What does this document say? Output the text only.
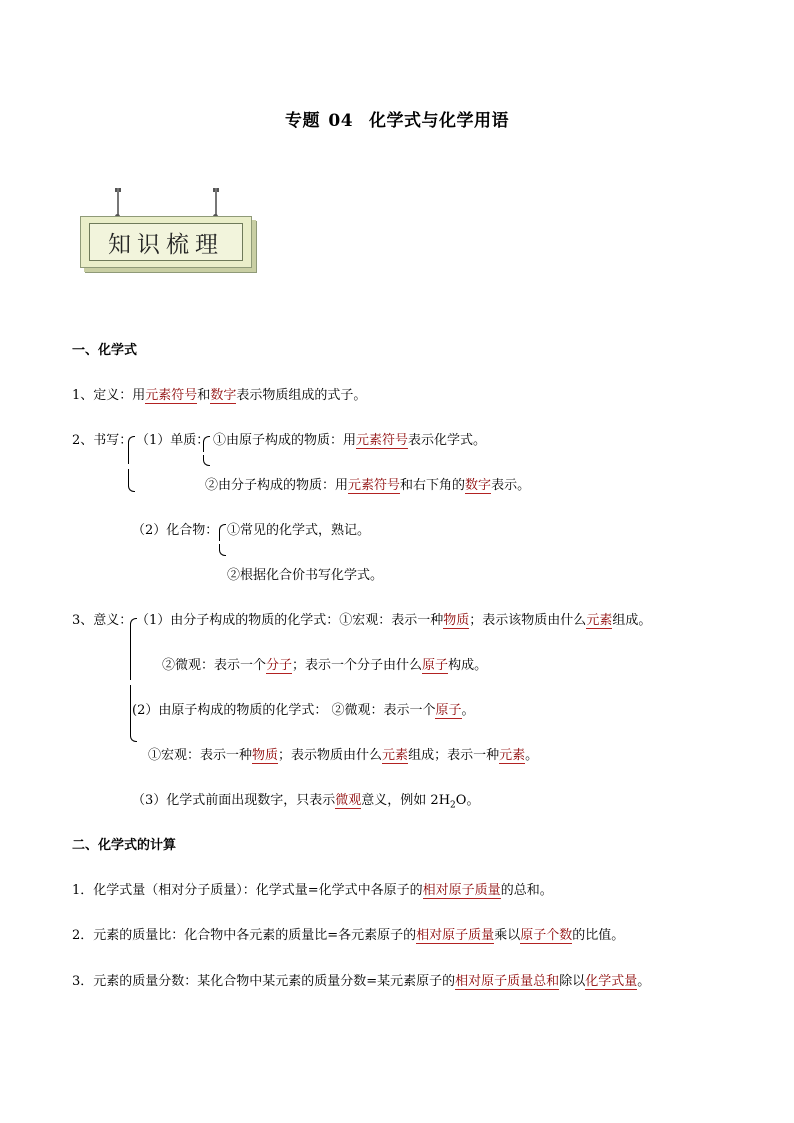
专题 04 化学式与化学用语
知识梳理
一、化学式
1、定义：用元素符号和数字表示物质组成的式子。
2、书写： （1）单质： ①由原子构成的物质：用元素符号表示化学式。
②由分子构成的物质：用元素符号和右下角的数字表示。
（2）化合物： ①常见的化学式，熟记。
②根据化合价书写化学式。
3、意义： （1）由分子构成的物质的化学式：①宏观：表示一种物质；表示该物质由什么元素组成。
②微观：表示一个分子；表示一个分子由什么原子构成。
(2）由原子构成的物质的化学式： ②微观：表示一个原子。
①宏观：表示一种物质；表示物质由什么元素组成；表示一种元素。
（3）化学式前面出现数字，只表示微观意义，例如 $2H_2O$。
二、化学式的计算
1．化学式量（相对分子质量）：化学式量=化学式中各原子的相对原子质量的总和。
2．元素的质量比：化合物中各元素的质量比=各元素原子的相对原子质量乘以原子个数的比值。
3．元素的质量分数：某化合物中某元素的质量分数=某元素原子的相对原子质量总和除以化学式量。
